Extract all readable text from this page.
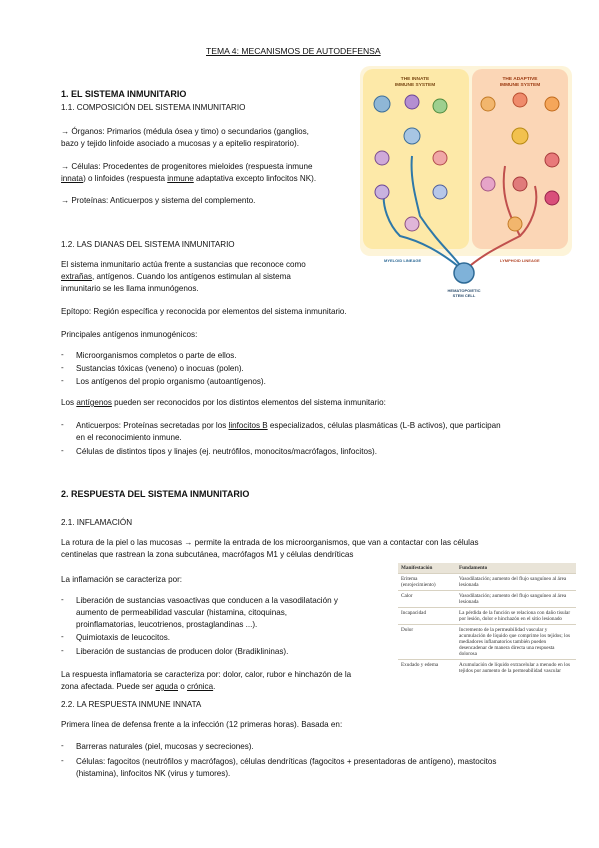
TEMA 4: MECANISMOS DE AUTODEFENSA
1. EL SISTEMA INMUNITARIO
1.1. COMPOSICIÓN DEL SISTEMA INMUNITARIO
→ Órganos: Primarios (médula ósea y timo) o secundarios (ganglios,
bazo y tejido linfoide asociado a mucosas y a epitelio respiratorio).
→ Células: Procedentes de progenitores mieloides (respuesta inmune
innata) o linfoides (respuesta inmune adaptativa excepto linfocitos NK).
→ Proteínas: Anticuerpos y sistema del complemento.
1.2. LAS DIANAS DEL SISTEMA INMUNITARIO
El sistema inmunitario actúa frente a sustancias que reconoce como
extrañas, antígenos. Cuando los antígenos estimulan al sistema
inmunitario se les llama inmunógenos.
Epítopo: Región específica y reconocida por elementos del sistema inmunitario.
Principales antígenos inmunogénicos:
- Microorganismos completos o parte de ellos.
- Sustancias tóxicas (veneno) o inocuas (polen).
- Los antígenos del propio organismo (autoantígenos).
Los antígenos pueden ser reconocidos por los distintos elementos del sistema inmunitario:
- Anticuerpos: Proteínas secretadas por los linfocitos B especializados, células plasmáticas (L-B activos), que participan
en el reconocimiento inmune.
- Células de distintos tipos y linajes (ej. neutrófilos, monocitos/macrófagos, linfocitos).
2. RESPUESTA DEL SISTEMA INMUNITARIO
2.1. INFLAMACIÓN
La rotura de la piel o las mucosas → permite la entrada de los microorganismos, que van a contactar con las células
centinelas que rastrean la zona subcutánea, macrófagos M1 y células dendríticas
La inflamación se caracteriza por:
- Liberación de sustancias vasoactivas que conducen a la vasodilatación y
aumento de permeabilidad vascular (histamina, citoquinas,
proinflamatorias, leucotrienos, prostaglandinas ...).
- Quimiotaxis de leucocitos.
- Liberación de sustancias de producen dolor (Bradiklininas).
La respuesta inflamatoria se caracteriza por: dolor, calor, rubor e hinchazón de la
zona afectada. Puede ser aguda o crónica.
2.2. LA RESPUESTA INMUNE INNATA
Primera línea de defensa frente a la infección (12 primeras horas). Basada en:
- Barreras naturales (piel, mucosas y secreciones).
- Células: fagocitos (neutrófilos y macrófagos), células dendríticas (fagocitos + presentadoras de antígeno), mastocitos
(histamina), linfocitos NK (virus y tumores).
THE INNATE
IMMUNE SYSTEM
THE ADAPTIVE
IMMUNE SYSTEM
MYELOID LINEAGE	LYMPHOID LINEAGE
HEMATOPOIETIC
STEM CELL
Manifestación	Fundamento
Eritema (enrojecimiento)	Vasodilatación; aumento del flujo sanguíneo al área lesionada
Calor	Vasodilatación; aumento del flujo sanguíneo al área lesionada
Incapacidad	La pérdida de la función se relaciona con daño tisular por lesión, dolor e hinchazón en el sitio lesionado
Dolor	Incremento de la permeabilidad vascular y acumulación de líquido que comprime los tejidos; los mediadores inflamatorios también pueden desencadenar de manera directa una respuesta dolorosa
Exudado y edema	Acumulación de líquido extracelular a menudo en los tejidos por aumento de la permeabilidad vascular
